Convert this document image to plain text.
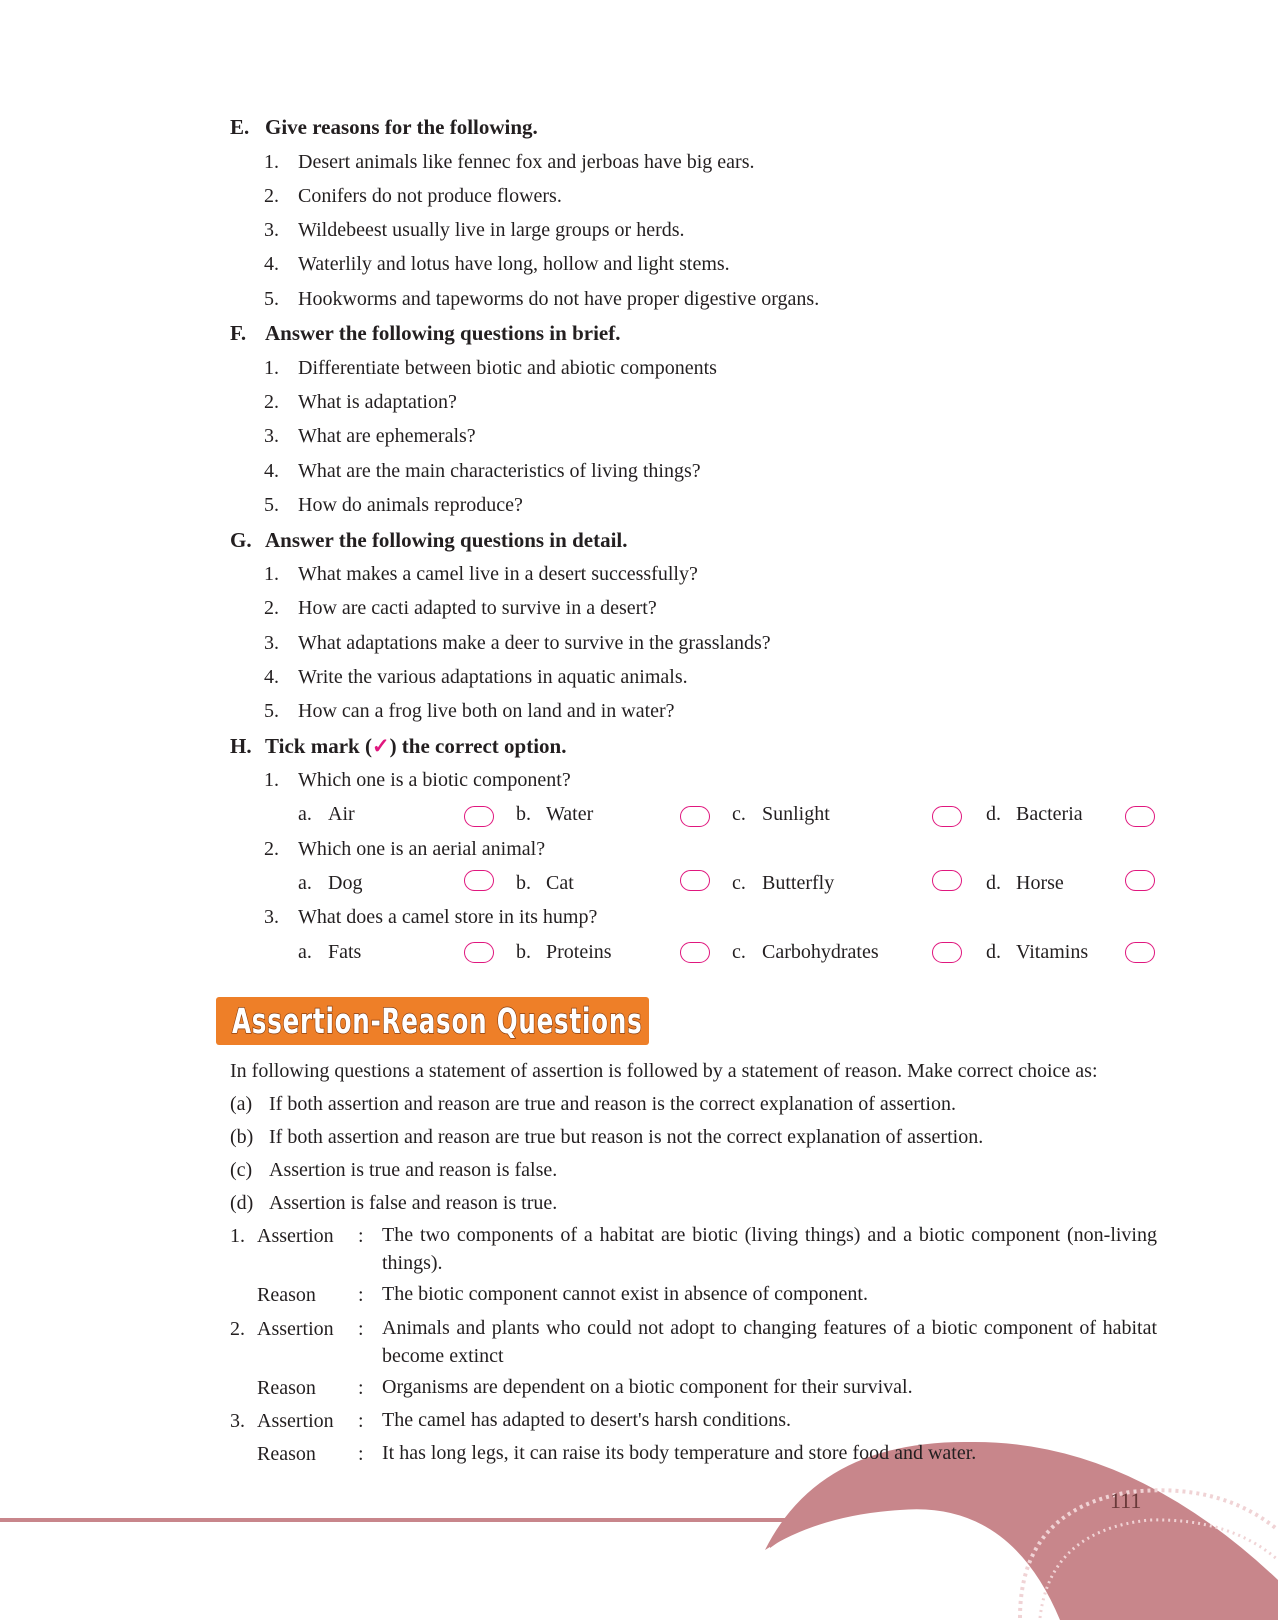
E. Give reasons for the following.
1. Desert animals like fennec fox and jerboas have big ears.
2. Conifers do not produce flowers.
3. Wildebeest usually live in large groups or herds.
4. Waterlily and lotus have long, hollow and light stems.
5. Hookworms and tapeworms do not have proper digestive organs.
F. Answer the following questions in brief.
1. Differentiate between biotic and abiotic components
2. What is adaptation?
3. What are ephemerals?
4. What are the main characteristics of living things?
5. How do animals reproduce?
G. Answer the following questions in detail.
1. What makes a camel live in a desert successfully?
2. How are cacti adapted to survive in a desert?
3. What adaptations make a deer to survive in the grasslands?
4. Write the various adaptations in aquatic animals.
5. How can a frog live both on land and in water?
H. Tick mark (✓) the correct option.
1. Which one is a biotic component?
a. Air	b. Water	c. Sunlight	d. Bacteria
2. Which one is an aerial animal?
a. Dog	b. Cat	c. Butterfly	d. Horse
3. What does a camel store in its hump?
a. Fats	b. Proteins	c. Carbohydrates	d. Vitamins
Assertion-Reason Questions
In following questions a statement of assertion is followed by a statement of reason. Make correct choice as:
(a) If both assertion and reason are true and reason is the correct explanation of assertion.
(b) If both assertion and reason are true but reason is not the correct explanation of assertion.
(c) Assertion is true and reason is false.
(d) Assertion is false and reason is true.
1. Assertion : The two components of a habitat are biotic (living things) and a biotic component (non-living things).
Reason : The biotic component cannot exist in absence of component.
2. Assertion : Animals and plants who could not adopt to changing features of a biotic component of habitat become extinct
Reason : Organisms are dependent on a biotic component for their survival.
3. Assertion : The camel has adapted to desert's harsh conditions.
Reason : It has long legs, it can raise its body temperature and store food and water.
111
